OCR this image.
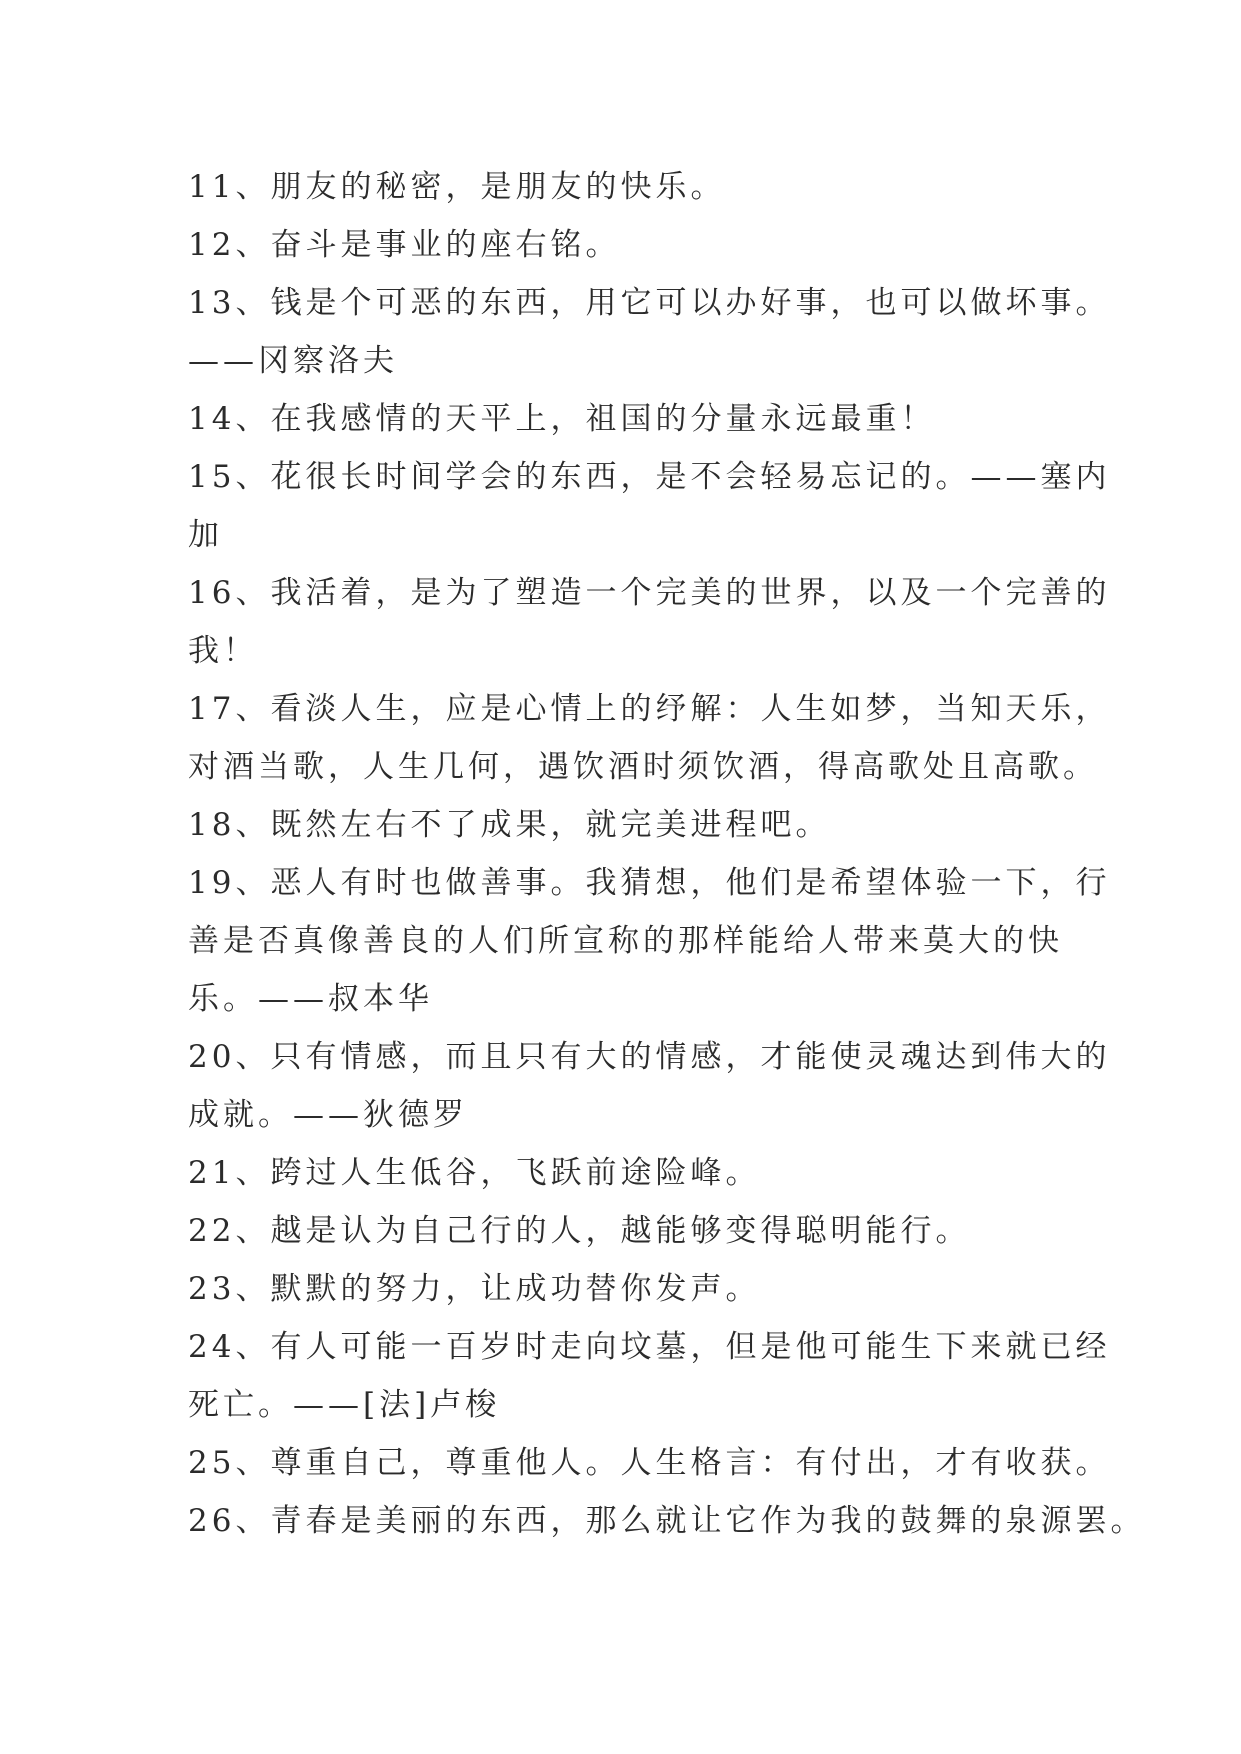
11、朋友的秘密，是朋友的快乐。
12、奋斗是事业的座右铭。
13、钱是个可恶的东西，用它可以办好事，也可以做坏事。
——冈察洛夫
14、在我感情的天平上，祖国的分量永远最重！
15、花很长时间学会的东西，是不会轻易忘记的。——塞内
加
16、我活着，是为了塑造一个完美的世界，以及一个完善的
我！
17、看淡人生，应是心情上的纾解：人生如梦，当知天乐，
对酒当歌，人生几何，遇饮酒时须饮酒，得高歌处且高歌。
18、既然左右不了成果，就完美进程吧。
19、恶人有时也做善事。我猜想，他们是希望体验一下，行
善是否真像善良的人们所宣称的那样能给人带来莫大的快
乐。——叔本华
20、只有情感，而且只有大的情感，才能使灵魂达到伟大的
成就。——狄德罗
21、跨过人生低谷，飞跃前途险峰。
22、越是认为自己行的人，越能够变得聪明能行。
23、默默的努力，让成功替你发声。
24、有人可能一百岁时走向坟墓，但是他可能生下来就已经
死亡。——[法]卢梭
25、尊重自己，尊重他人。人生格言：有付出，才有收获。
26、青春是美丽的东西，那么就让它作为我的鼓舞的泉源罢。
